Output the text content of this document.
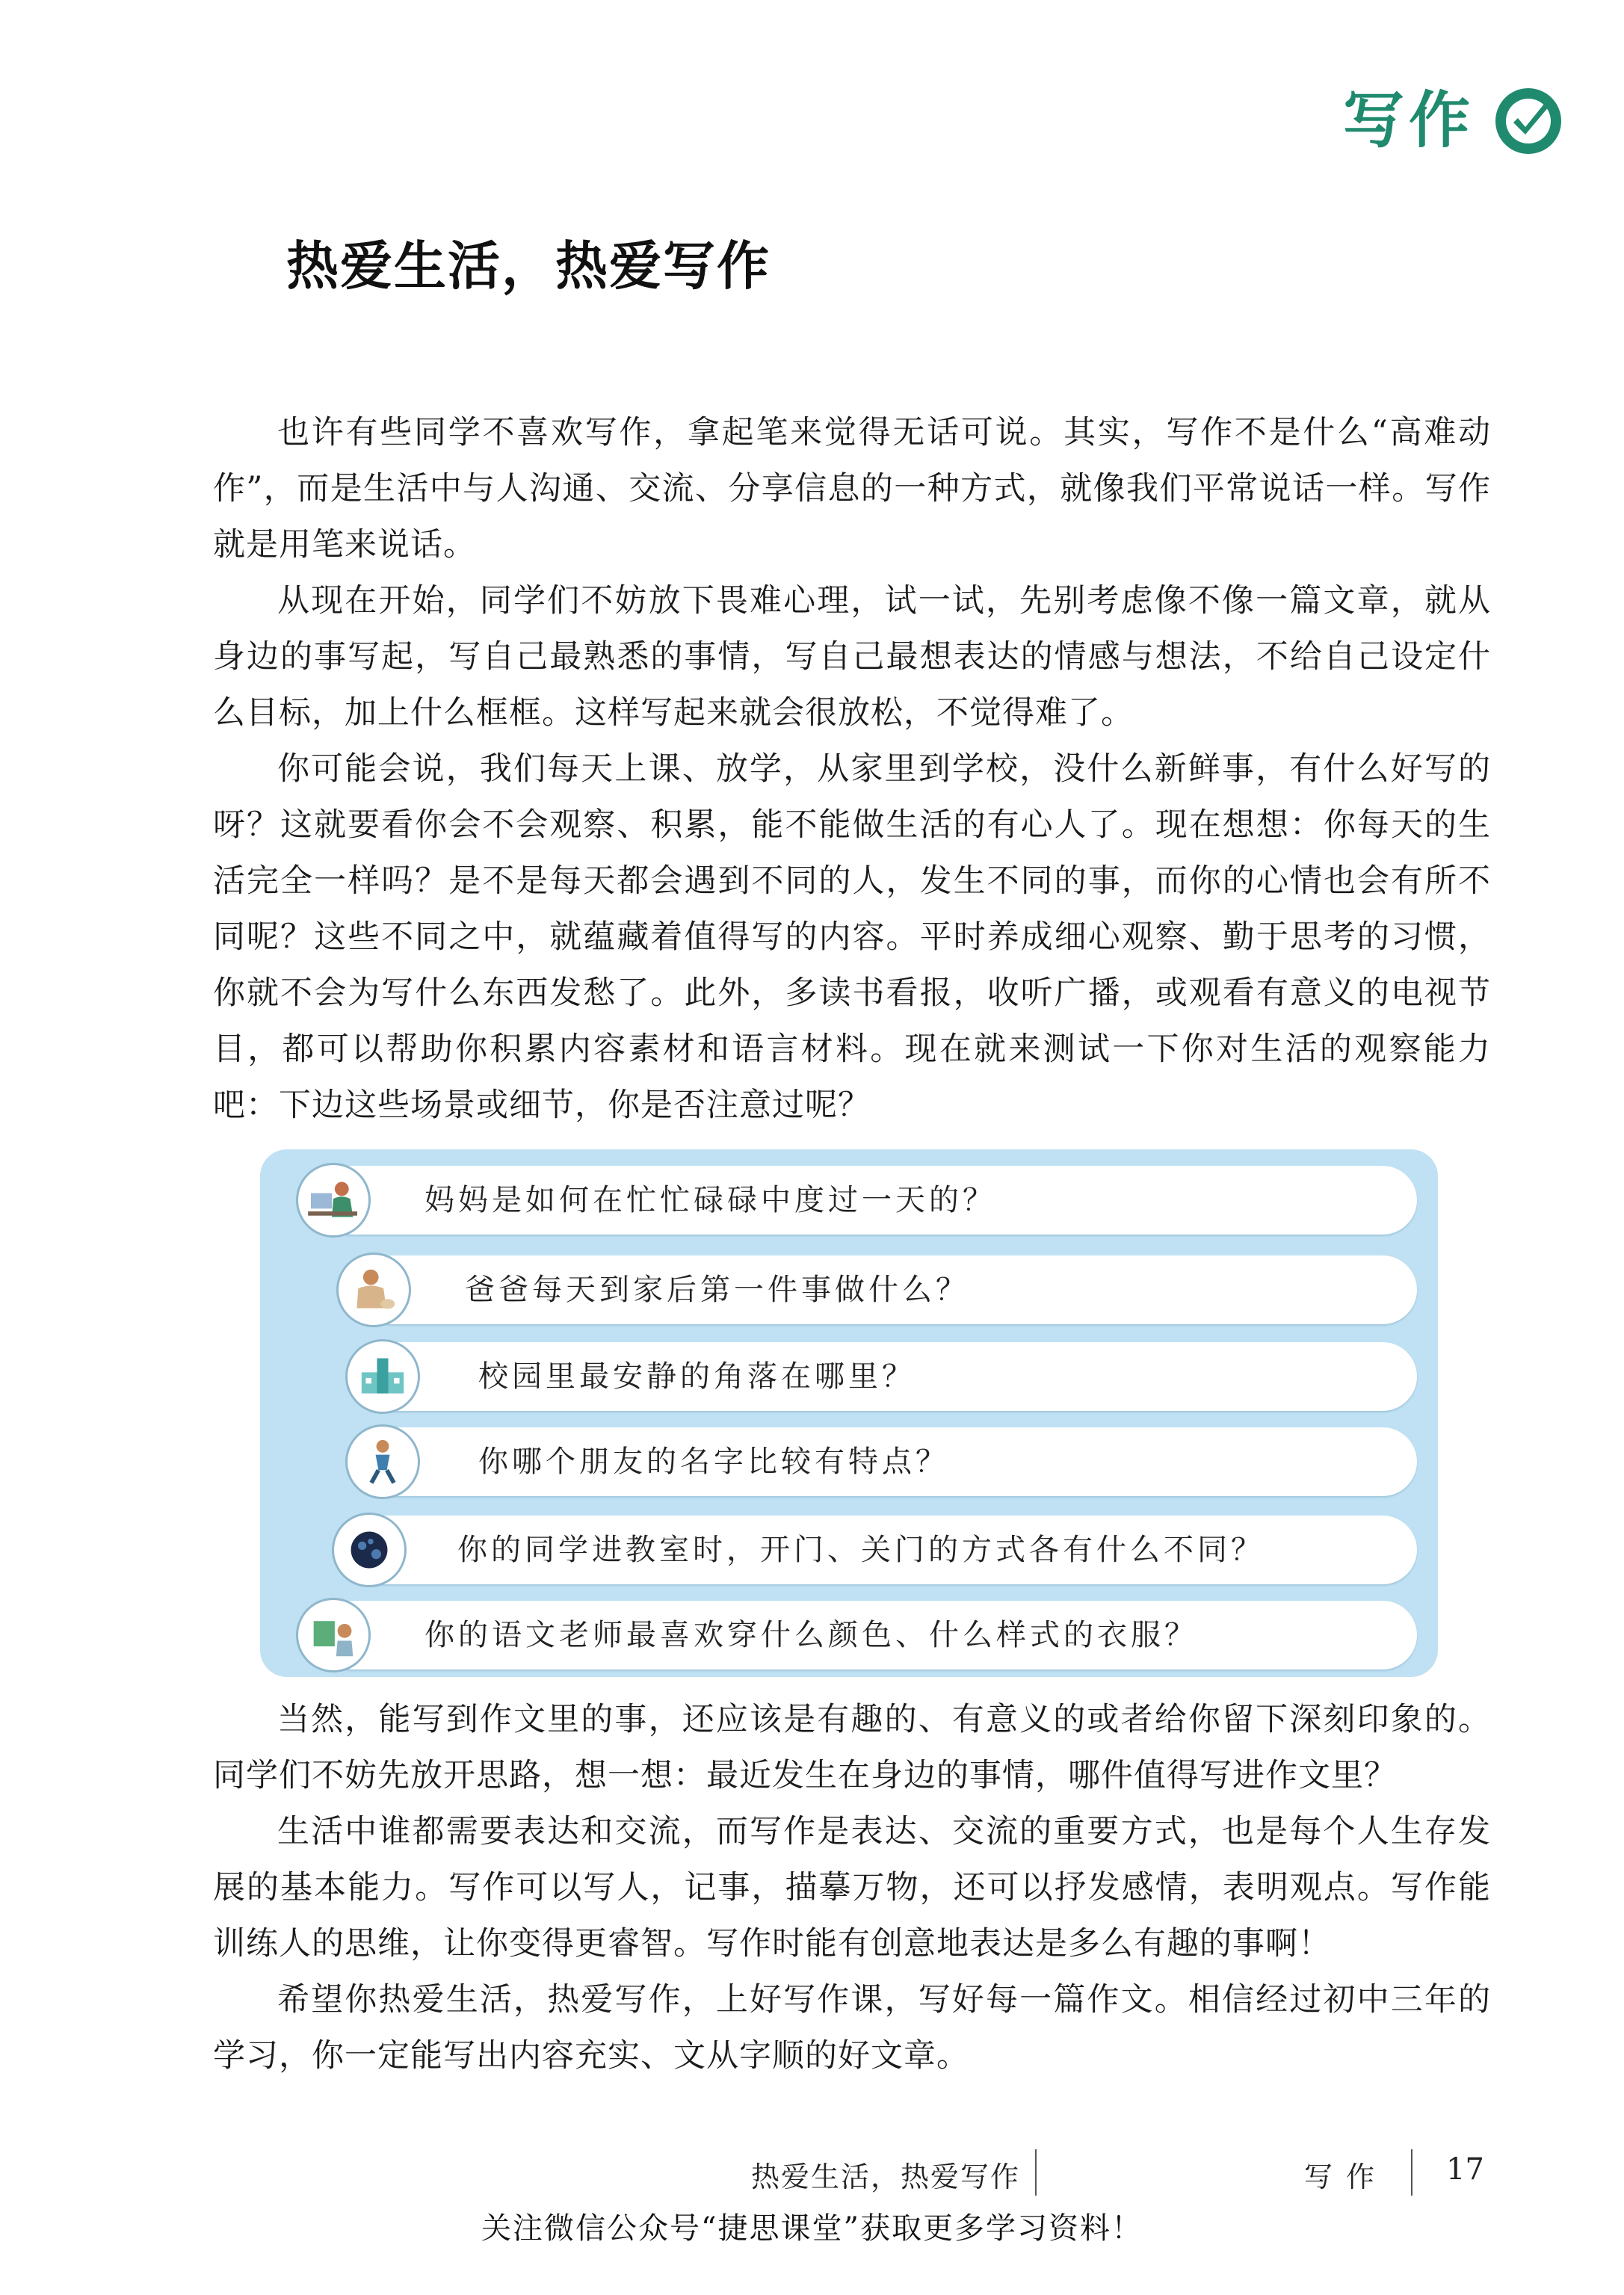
写作
热爱生活，热爱写作

也许有些同学不喜欢写作，拿起笔来觉得无话可说。其实，写作不是什么“高难动作”，而是生活中与人沟通、交流、分享信息的一种方式，就像我们平常说话一样。写作就是用笔来说话。

从现在开始，同学们不妨放下畏难心理，试一试，先别考虑像不像一篇文章，就从身边的事写起，写自己最熟悉的事情，写自己最想表达的情感与想法，不给自己设定什么目标，加上什么框框。这样写起来就会很放松，不觉得难了。

你可能会说，我们每天上课、放学，从家里到学校，没什么新鲜事，有什么好写的呀？这就要看你会不会观察、积累，能不能做生活的有心人了。现在想想：你每天的生活完全一样吗？是不是每天都会遇到不同的人，发生不同的事，而你的心情也会有所不同呢？这些不同之中，就蕴藏着值得写的内容。平时养成细心观察、勤于思考的习惯，你就不会为写什么东西发愁了。此外，多读书看报，收听广播，或观看有意义的电视节目，都可以帮助你积累内容素材和语言材料。现在就来测试一下你对生活的观察能力吧：下边这些场景或细节，你是否注意过呢？

妈妈是如何在忙忙碌碌中度过一天的？
爸爸每天到家后第一件事做什么？
校园里最安静的角落在哪里？
你哪个朋友的名字比较有特点？
你的同学进教室时，开门、关门的方式各有什么不同？
你的语文老师最喜欢穿什么颜色、什么样式的衣服？

当然，能写到作文里的事，还应该是有趣的、有意义的或者给你留下深刻印象的。同学们不妨先放开思路，想一想：最近发生在身边的事情，哪件值得写进作文里？

生活中谁都需要表达和交流，而写作是表达、交流的重要方式，也是每个人生存发展的基本能力。写作可以写人，记事，描摹万物，还可以抒发感情，表明观点。写作能训练人的思维，让你变得更睿智。写作时能有创意地表达是多么有趣的事啊！

希望你热爱生活，热爱写作，上好写作课，写好每一篇作文。相信经过初中三年的学习，你一定能写出内容充实、文从字顺的好文章。

热爱生活，热爱写作	写作 17
关注微信公众号“捷思课堂”获取更多学习资料！
